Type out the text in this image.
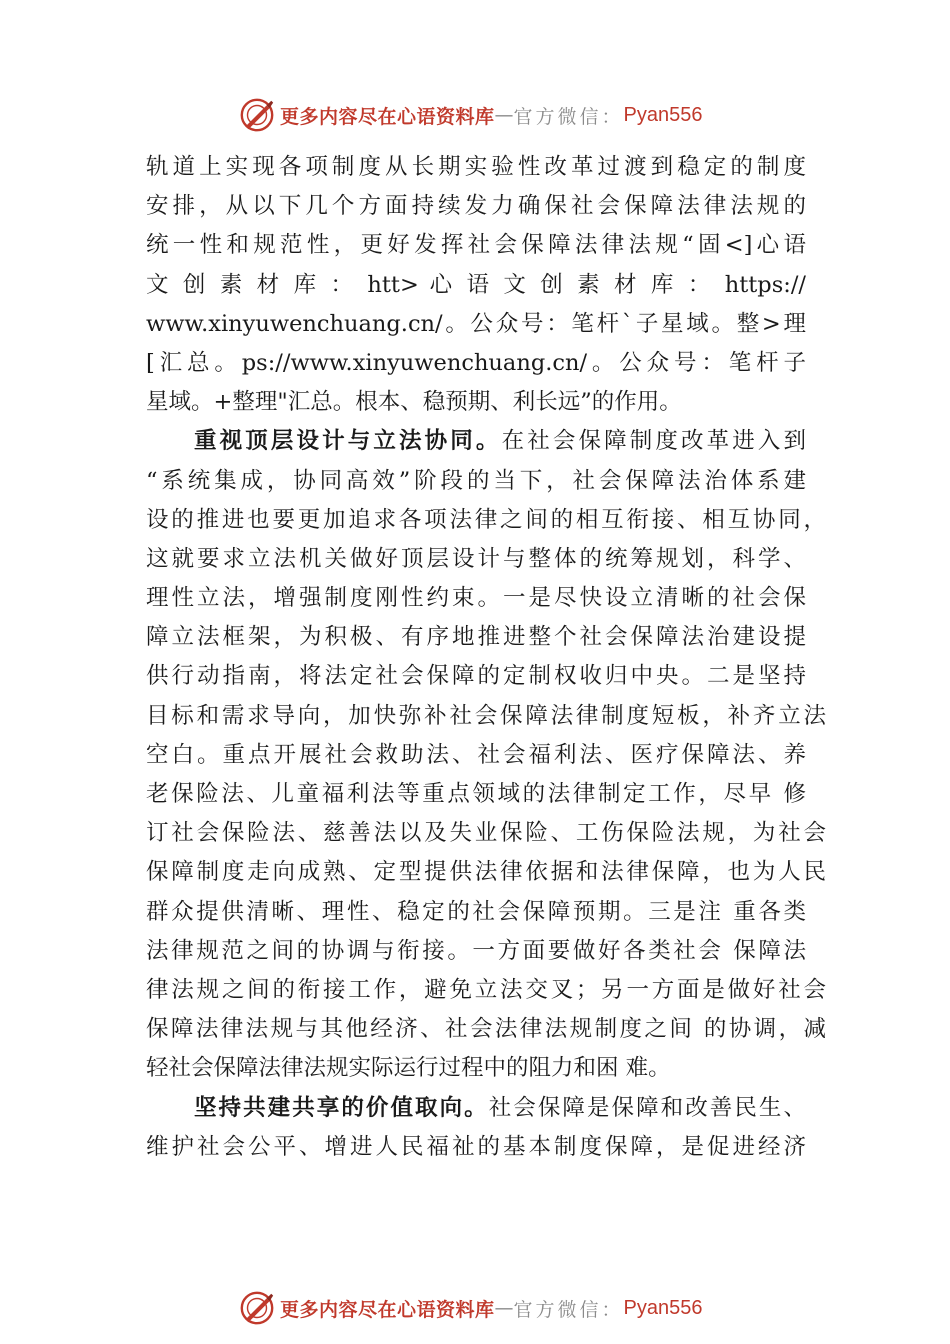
更多内容尽在心语资料库 — 官方微信： Pyan556
轨道上实现各项制度从长期实验性改革过渡到稳定的制度
安排，从以下几个方面持续发力确保社会保障法律法规的
统一性和规范性，更好发挥社会保障法律法规“固<]心语
文 创 素 材 库 ： htt> 心 语 文 创 素 材 库 ： https://
www.xinyuwenchuang.cn/。公众号：笔杆`子星域。整>理
[汇总。ps://www.xinyuwenchuang.cn/。公众号：笔杆子
星域。+整理"汇总。根本、稳预期、利长远”的作用。
重视顶层设计与立法协同。在社会保障制度改革进入到
“系统集成，协同高效”阶段的当下，社会保障法治体系建
设的推进也要更加追求各项法律之间的相互衔接、相互协同，
这就要求立法机关做好顶层设计与整体的统筹规划，科学、
理性立法，增强制度刚性约束。一是尽快设立清晰的社会保
障立法框架，为积极、有序地推进整个社会保障法治建设提
供行动指南，将法定社会保障的定制权收归中央。二是坚持
目标和需求导向，加快弥补社会保障法律制度短板，补齐立法
空白。重点开展社会救助法、社会福利法、医疗保障法、养
老保险法、儿童福利法等重点领域的法律制定工作，尽早 修
订社会保险法、慈善法以及失业保险、工伤保险法规，为社会
保障制度走向成熟、定型提供法律依据和法律保障，也为人民
群众提供清晰、理性、稳定的社会保障预期。三是注 重各类
法律规范之间的协调与衔接。一方面要做好各类社会 保障法
律法规之间的衔接工作，避免立法交叉；另一方面是做好社会
保障法律法规与其他经济、社会法律法规制度之间 的协调，减
轻社会保障法律法规实际运行过程中的阻力和困 难。
坚持共建共享的价值取向。社会保障是保障和改善民生、
维护社会公平、增进人民福祉的基本制度保障，是促进经济
更多内容尽在心语资料库 — 官方微信： Pyan556
